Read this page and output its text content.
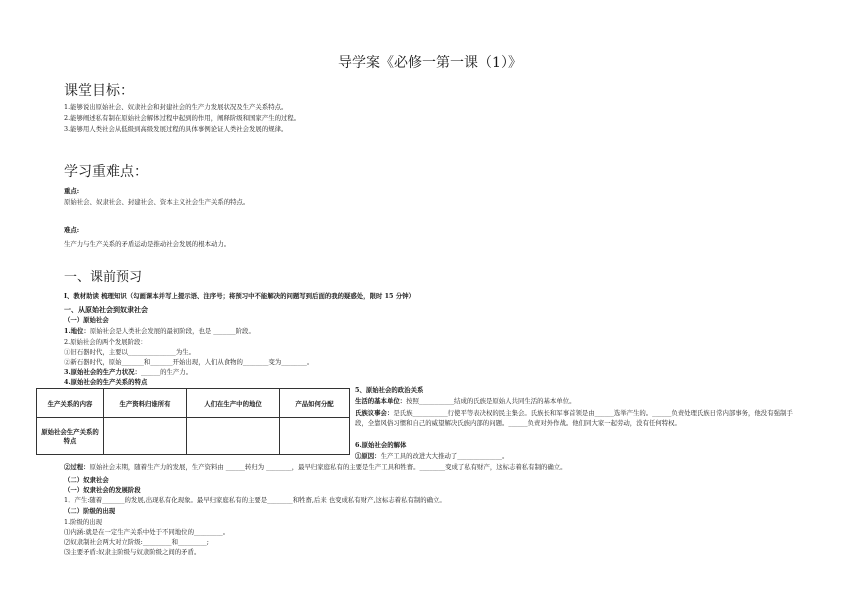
导学案《必修一第一课（1）》
课堂目标：
1.能够说出原始社会、奴隶社会和封建社会的生产力发展状况及生产关系特点。
2.能够阐述私有制在原始社会解体过程中起到的作用，阐释阶级和国家产生的过程。
3.能够用人类社会从低级到高级发展过程的具体事例论证人类社会发展的规律。
学习重难点：
重点:
原始社会、奴隶社会、封建社会、资本主义社会生产关系的特点。
难点:
生产力与生产关系的矛盾运动是推动社会发展的根本动力。
一、课前预习
Ⅰ、教材助读 梳理知识（勾画课本并写上提示语、注序号；将预习中不能解决的问题写到后面的我的疑惑处，限时 15 分钟）
一、从原始社会到奴隶社会
（一）原始社会
1.地位：原始社会是人类社会发展的最初阶段，也是 _______阶段。
2.原始社会的两个发展阶段：
①旧石器时代，主要以_______________为生。
②新石器时代，原始_______和_______开始出现，人们从食物的________变为________。
3.原始社会的生产力状况：______的生产力。
4.原始社会的生产关系的特点
生产关系的内容	生产资料归谁所有	人们在生产中的地位	产品如何分配
原始社会生产关系的特点			
5、原始社会的政治关系
生活的基本单位：按照___________结成的氏族是原始人共同生活的基本单位。
氏族议事会：是氏族___________行使平等表决权的民主集会。氏族长和军事首领是由______选举产生的。______负责处理氏族日常内部事务，他没有强制手段，全靠风俗习惯和自己的威望解决氏族内部的问题。______负责对外作战。他们同大家一起劳动，没有任何特权。
6.原始社会的解体
①原因：生产工具的改进大大推动了______________。
②过程：原始社会末期，随着生产力的发展，生产资料由 ______转归为 ________，最早归家庭私有的主要是生产工具和牲畜。________变成了私有财产，这标志着私有制的确立。
（二）奴隶社会
（一）奴隶社会的发展阶段
1．产生:随着_______的发展,出现私有化现象。最早归家庭私有的主要是________和牲畜,后来 也变成私有财产,这标志着私有制的确立。
（二）阶级的出现
1.阶级的出现
⑴内涵:就是在一定生产关系中处于不同地位的_________。
⑵奴隶制社会两大对立阶级:_________和_________;
⑶主要矛盾:奴隶主阶级与奴隶阶级之间的矛盾。
